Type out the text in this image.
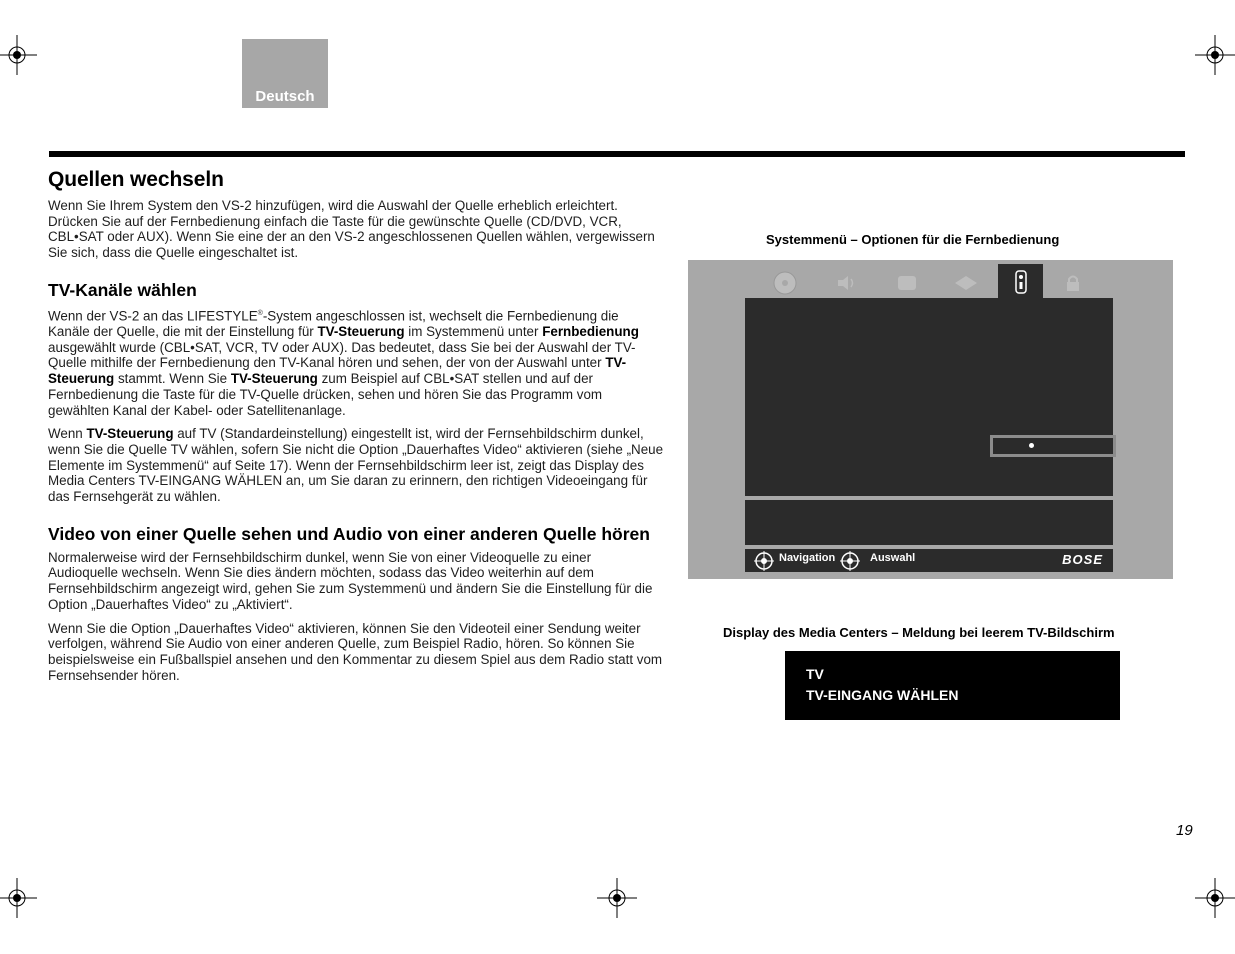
Deutsch
Quellen wechseln

Wenn Sie Ihrem System den VS-2 hinzufügen, wird die Auswahl der Quelle erheblich erleichtert. Drücken Sie auf der Fernbedienung einfach die Taste für die gewünschte Quelle (CD/DVD, VCR, CBL•SAT oder AUX). Wenn Sie eine der an den VS-2 angeschlossenen Quellen wählen, vergewissern Sie sich, dass die Quelle eingeschaltet ist.

TV-Kanäle wählen

Wenn der VS-2 an das LIFESTYLE®-System angeschlossen ist, wechselt die Fernbedienung die Kanäle der Quelle, die mit der Einstellung für TV-Steuerung im Systemmenü unter Fernbedienung ausgewählt wurde (CBL•SAT, VCR, TV oder AUX). Das bedeutet, dass Sie bei der Auswahl der TV-Quelle mithilfe der Fernbedienung den TV-Kanal hören und sehen, der von der Auswahl unter TV-Steuerung stammt. Wenn Sie TV-Steuerung zum Beispiel auf CBL•SAT stellen und auf der Fernbedienung die Taste für die TV-Quelle drücken, sehen und hören Sie das Programm vom gewählten Kanal der Kabel- oder Satellitenanlage.

Wenn TV-Steuerung auf TV (Standardeinstellung) eingestellt ist, wird der Fernsehbildschirm dunkel, wenn Sie die Quelle TV wählen, sofern Sie nicht die Option „Dauerhaftes Video“ aktivieren (siehe „Neue Elemente im Systemmenü“ auf Seite 17). Wenn der Fernsehbildschirm leer ist, zeigt das Display des Media Centers TV-EINGANG WÄHLEN an, um Sie daran zu erinnern, den richtigen Videoeingang für das Fernsehgerät zu wählen.

Video von einer Quelle sehen und Audio von einer anderen Quelle hören

Normalerweise wird der Fernsehbildschirm dunkel, wenn Sie von einer Videoquelle zu einer Audioquelle wechseln. Wenn Sie dies ändern möchten, sodass das Video weiterhin auf dem Fernsehbildschirm angezeigt wird, gehen Sie zum Systemmenü und ändern Sie die Einstellung für die Option „Dauerhaftes Video“ zu „Aktiviert“.

Wenn Sie die Option „Dauerhaftes Video“ aktivieren, können Sie den Videoteil einer Sendung weiter verfolgen, während Sie Audio von einer anderen Quelle, zum Beispiel Radio, hören. So können Sie beispielsweise ein Fußballspiel ansehen und den Kommentar zu diesem Spiel aus dem Radio statt vom Fernsehsender hören.

Systemmenü – Optionen für die Fernbedienung
Navigation	Auswahl	BOSE
Display des Media Centers – Meldung bei leerem TV-Bildschirm
TV
TV-EINGANG WÄHLEN
19
